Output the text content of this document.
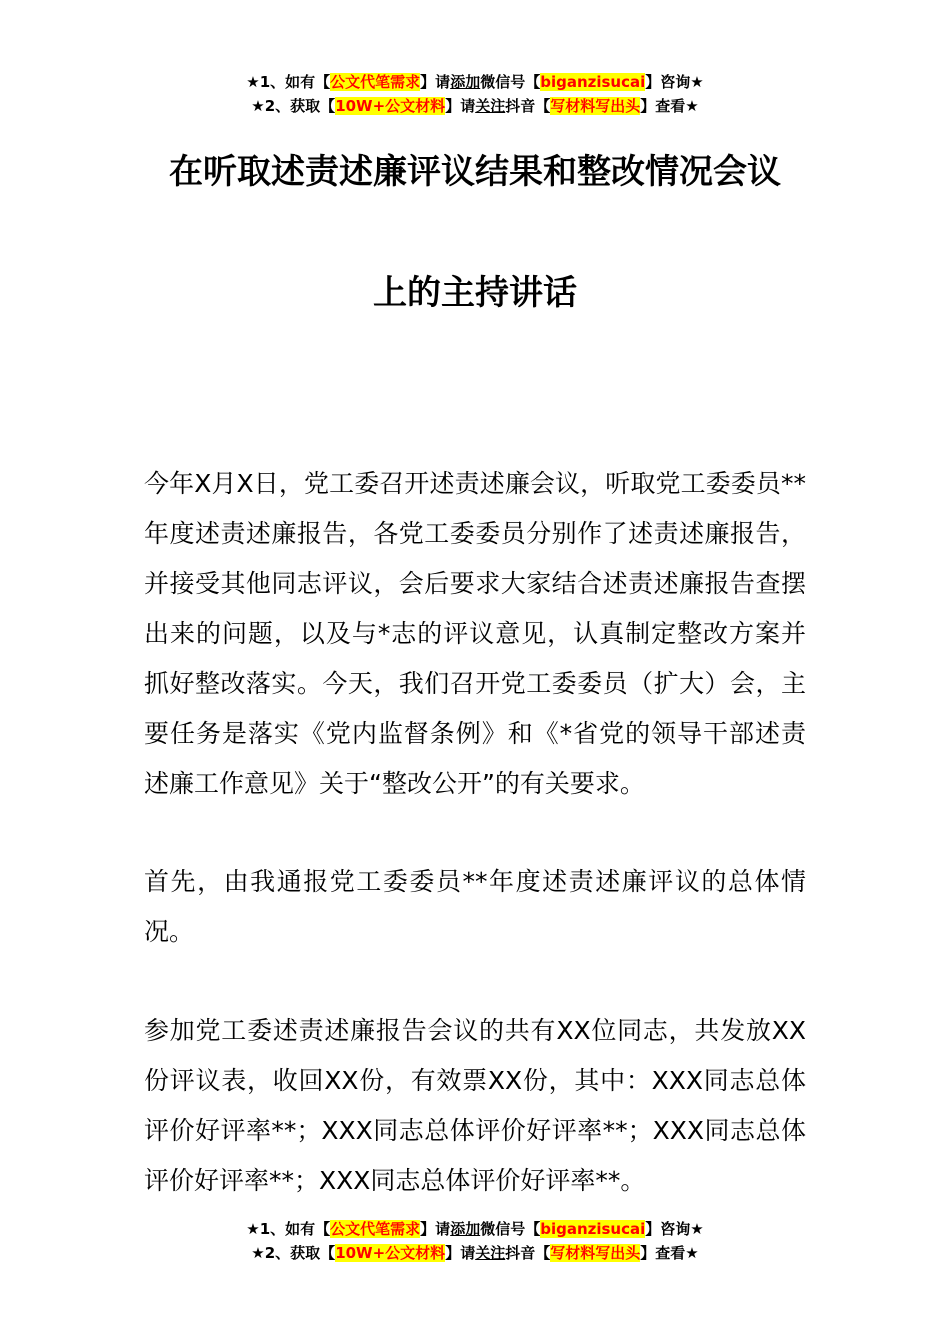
★1、如有【公文代笔需求】请添加微信号【biganzisucai】咨询★
★2、获取【10W+公文材料】请关注抖音【写材料写出头】查看★
在听取述责述廉评议结果和整改情况会议
上的主持讲话
今年X月X日，党工委召开述责述廉会议，听取党工委委员**年度述责述廉报告，各党工委委员分别作了述责述廉报告，并接受其他同志评议，会后要求大家结合述责述廉报告查摆出来的问题，以及与*志的评议意见，认真制定整改方案并抓好整改落实。今天，我们召开党工委委员（扩大）会，主要任务是落实《党内监督条例》和《*省党的领导干部述责述廉工作意见》关于“整改公开”的有关要求。
首先，由我通报党工委委员**年度述责述廉评议的总体情况。
参加党工委述责述廉报告会议的共有XX位同志，共发放XX份评议表，收回XX份，有效票XX份，其中：XXX同志总体评价好评率**；XXX同志总体评价好评率**；XXX同志总体评价好评率**；XXX同志总体评价好评率**。
★1、如有【公文代笔需求】请添加微信号【biganzisucai】咨询★
★2、获取【10W+公文材料】请关注抖音【写材料写出头】查看★
